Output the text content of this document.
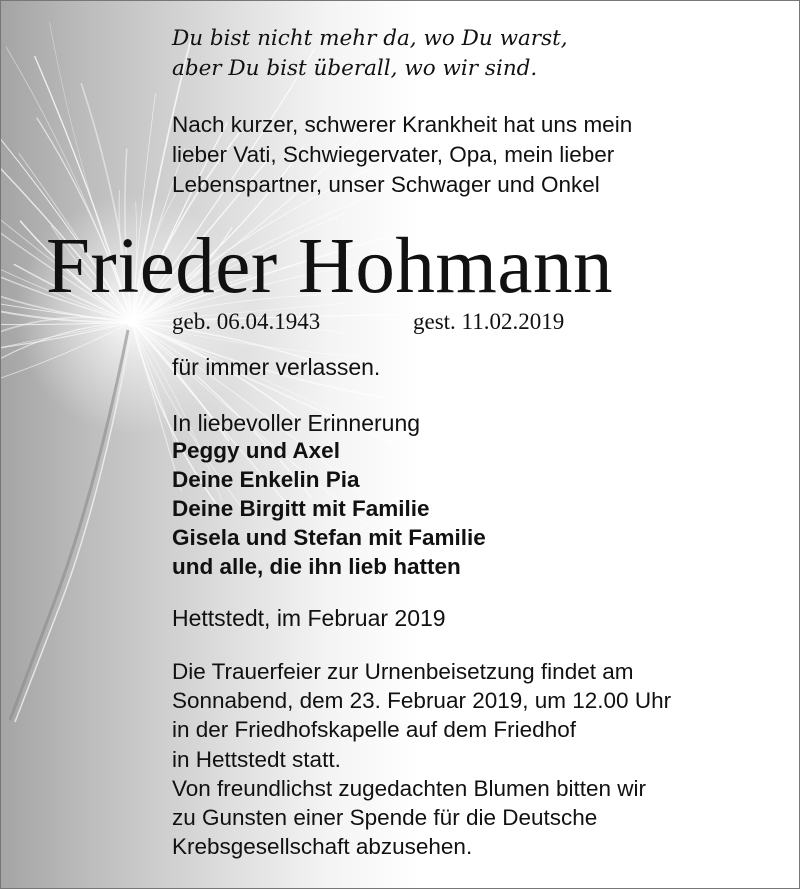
Du bist nicht mehr da, wo Du warst,
aber Du bist überall, wo wir sind.
Nach kurzer, schwerer Krankheit hat uns mein
lieber Vati, Schwiegervater, Opa, mein lieber
Lebenspartner, unser Schwager und Onkel
Frieder Hohmann
geb. 06.04.1943	gest. 11.02.2019
für immer verlassen.
In liebevoller Erinnerung
Peggy und Axel
Deine Enkelin Pia
Deine Birgitt mit Familie
Gisela und Stefan mit Familie
und alle, die ihn lieb hatten
Hettstedt, im Februar 2019
Die Trauerfeier zur Urnenbeisetzung findet am
Sonnabend, dem 23. Februar 2019, um 12.00 Uhr
in der Friedhofskapelle auf dem Friedhof
in Hettstedt statt.
Von freundlichst zugedachten Blumen bitten wir
zu Gunsten einer Spende für die Deutsche
Krebsgesellschaft abzusehen.
